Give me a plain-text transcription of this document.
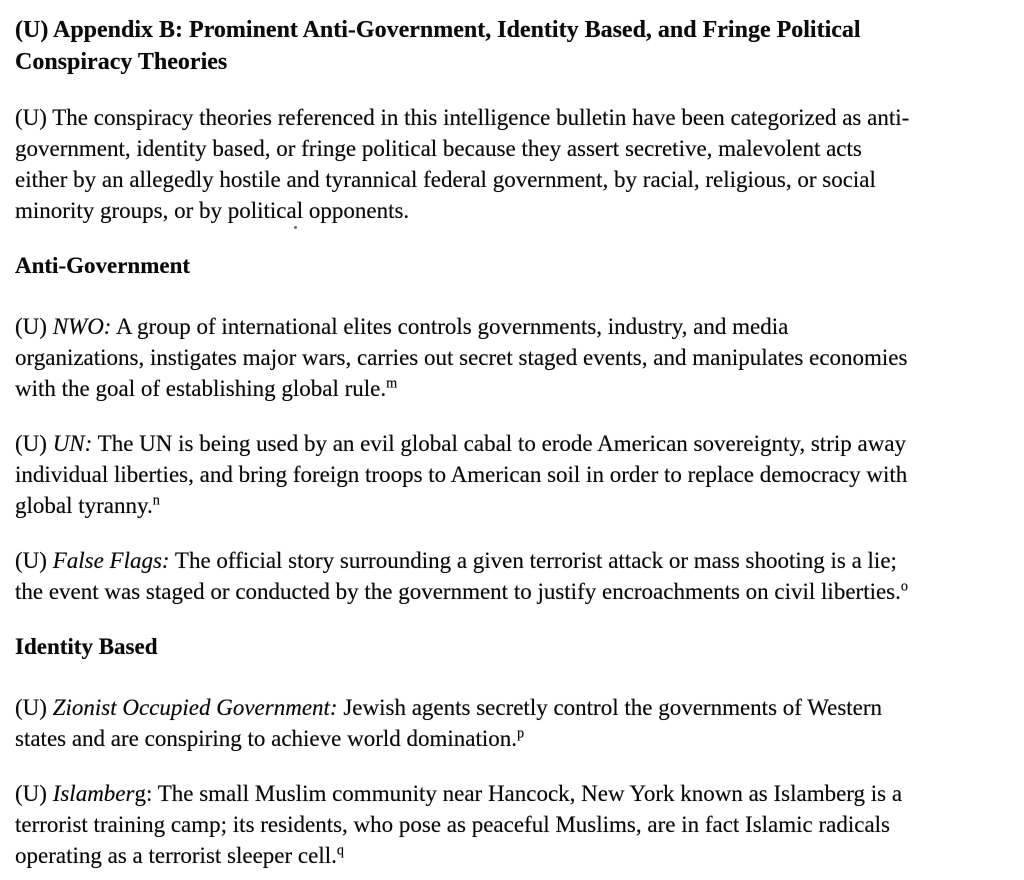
(U) Appendix B: Prominent Anti-Government, Identity Based, and Fringe Political
Conspiracy Theories
(U) The conspiracy theories referenced in this intelligence bulletin have been categorized as anti-
government, identity based, or fringe political because they assert secretive, malevolent acts
either by an allegedly hostile and tyrannical federal government, by racial, religious, or social
minority groups, or by political opponents.
Anti-Government
(U) NWO: A group of international elites controls governments, industry, and media
organizations, instigates major wars, carries out secret staged events, and manipulates economies
with the goal of establishing global rule.$^m$
(U) UN: The UN is being used by an evil global cabal to erode American sovereignty, strip away
individual liberties, and bring foreign troops to American soil in order to replace democracy with
global tyranny.$^n$
(U) False Flags: The official story surrounding a given terrorist attack or mass shooting is a lie;
the event was staged or conducted by the government to justify encroachments on civil liberties.$^o$
Identity Based
(U) Zionist Occupied Government: Jewish agents secretly control the governments of Western
states and are conspiring to achieve world domination.$^p$
(U) Islamberg: The small Muslim community near Hancock, New York known as Islamberg is a
terrorist training camp; its residents, who pose as peaceful Muslims, are in fact Islamic radicals
operating as a terrorist sleeper cell.$^q$
